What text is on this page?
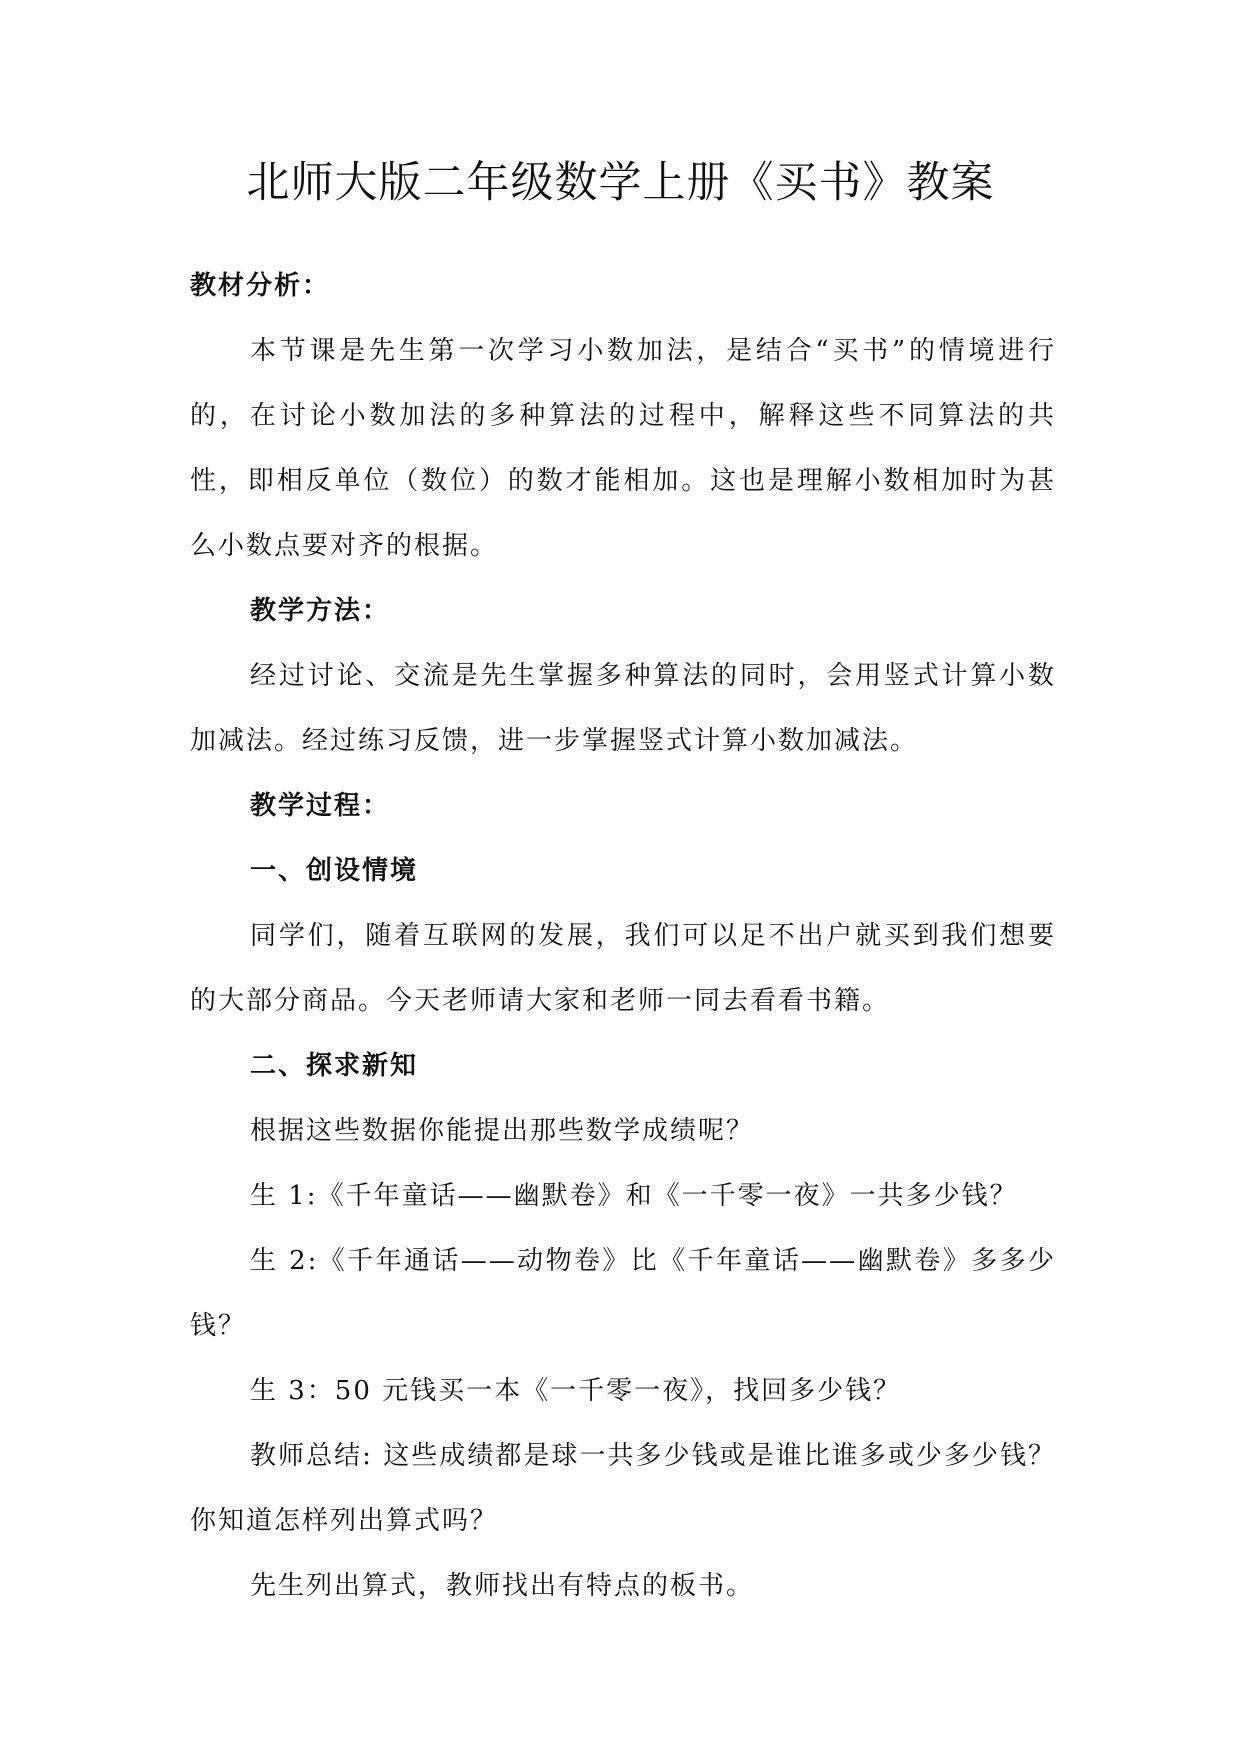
北师大版二年级数学上册《买书》教案

教材分析：

本节课是先生第一次学习小数加法，是结合“买书”的情境进行的，在讨论小数加法的多种算法的过程中，解释这些不同算法的共性，即相反单位（数位）的数才能相加。这也是理解小数相加时为甚么小数点要对齐的根据。

教学方法：

经过讨论、交流是先生掌握多种算法的同时，会用竖式计算小数加减法。经过练习反馈，进一步掌握竖式计算小数加减法。

教学过程：

一、创设情境

同学们，随着互联网的发展，我们可以足不出户就买到我们想要的大部分商品。今天老师请大家和老师一同去看看书籍。

二、探求新知

根据这些数据你能提出那些数学成绩呢？

生 1:《千年童话——幽默卷》和《一千零一夜》一共多少钱？

生 2:《千年通话——动物卷》比《千年童话——幽默卷》多多少钱？

生 3：50 元钱买一本《一千零一夜》，找回多少钱？

教师总结: 这些成绩都是球一共多少钱或是谁比谁多或少多少钱？你知道怎样列出算式吗？

先生列出算式，教师找出有特点的板书。
